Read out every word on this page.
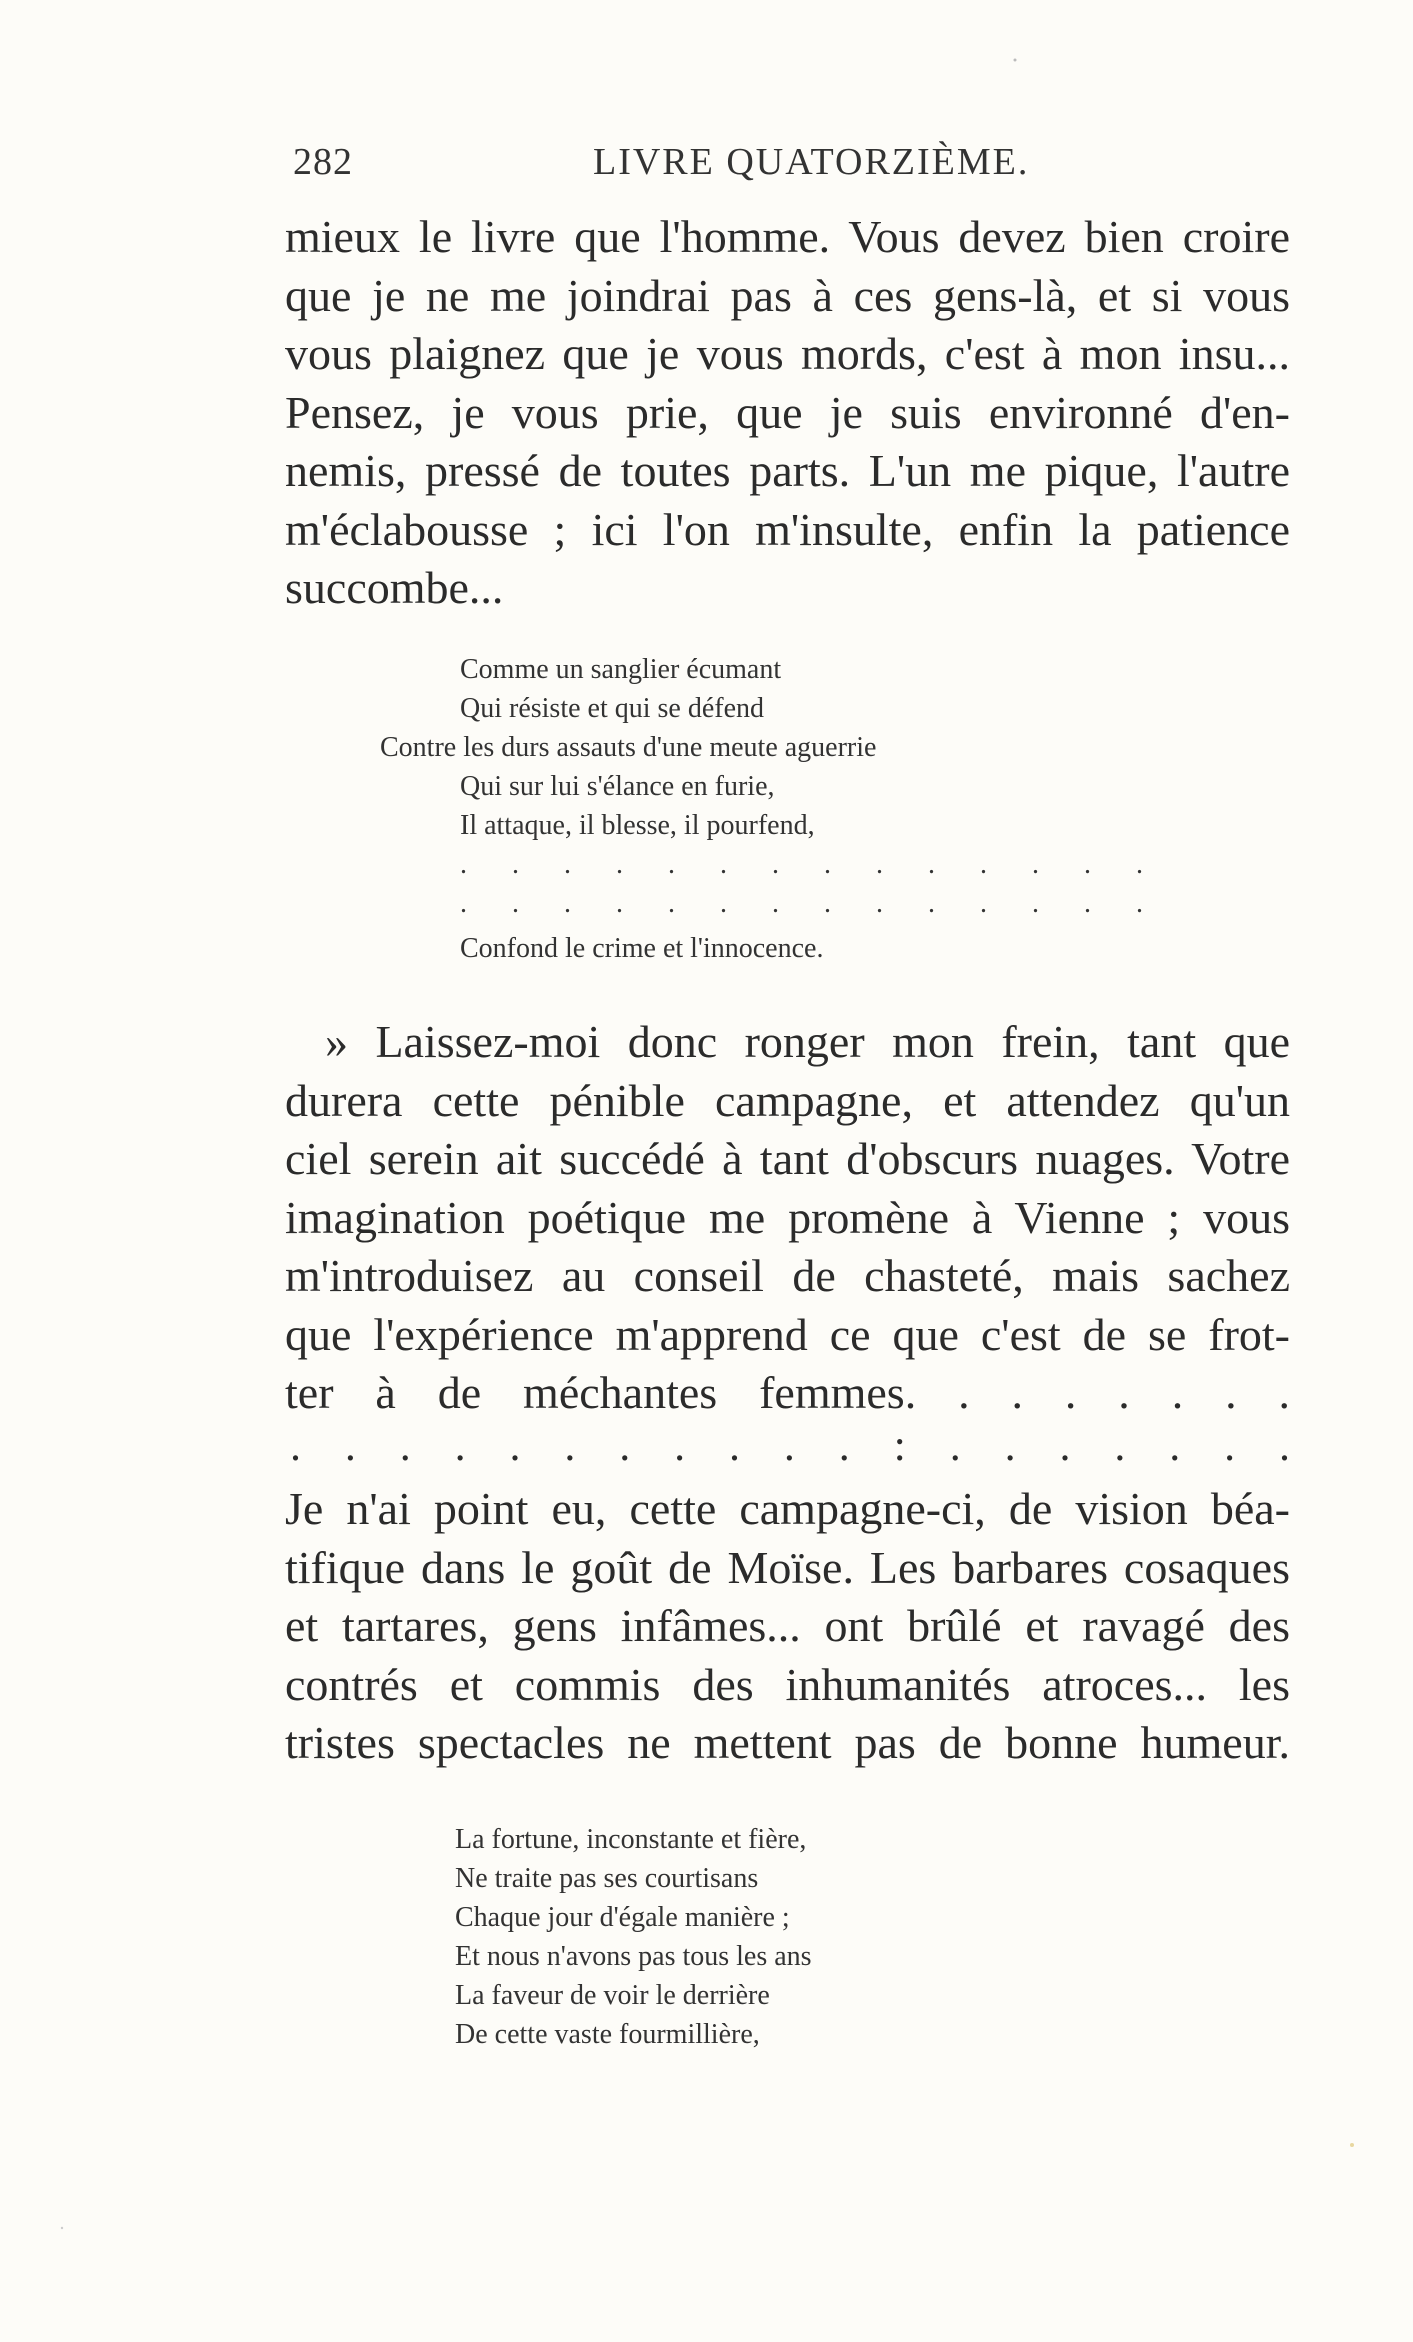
282	LIVRE QUATORZIÈME.
mieux le livre que l'homme. Vous devez bien croire
que je ne me joindrai pas à ces gens-là, et si vous
vous plaignez que je vous mords, c'est à mon insu...
Pensez, je vous prie, que je suis environné d'en-
nemis, pressé de toutes parts. L'un me pique, l'autre
m'éclabousse ; ici l'on m'insulte, enfin la patience
succombe...
Comme un sanglier écumant
Qui résiste et qui se défend
Contre les durs assauts d'une meute aguerrie
Qui sur lui s'élance en furie,
Il attaque, il blesse, il pourfend,
. . . . . . . . . . . . . .
. . . . . . . . . . . . . .
Confond le crime et l'innocence.
» Laissez-moi donc ronger mon frein, tant que
durera cette pénible campagne, et attendez qu'un
ciel serein ait succédé à tant d'obscurs nuages. Votre
imagination poétique me promène à Vienne ; vous
m'introduisez au conseil de chasteté, mais sachez
que l'expérience m'apprend ce que c'est de se frot-
ter à de méchantes femmes. . . . . . . .
. . . . . . . . . . . : . . . . . . .
Je n'ai point eu, cette campagne-ci, de vision béa-
tifique dans le goût de Moïse. Les barbares cosaques
et tartares, gens infâmes... ont brûlé et ravagé des
contrés et commis des inhumanités atroces... les
tristes spectacles ne mettent pas de bonne humeur.
La fortune, inconstante et fière,
Ne traite pas ses courtisans
Chaque jour d'égale manière ;
Et nous n'avons pas tous les ans
La faveur de voir le derrière
De cette vaste fourmillière,
